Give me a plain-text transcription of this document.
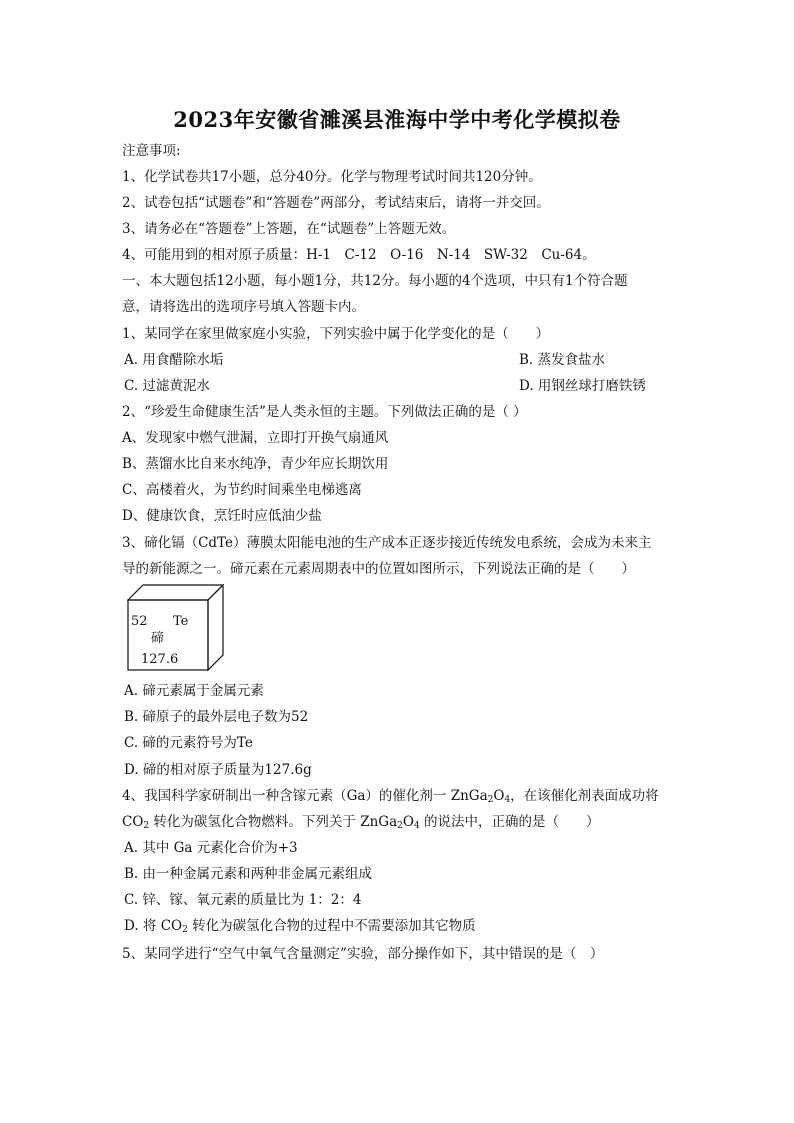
2023年安徽省濉溪县淮海中学中考化学模拟卷
注意事项:
1、化学试卷共17小题，总分40分。化学与物理考试时间共120分钟。
2、试卷包括“试题卷”和“答题卷”两部分，考试结束后，请将一并交回。
3、请务必在“答题卷”上答题，在“试题卷”上答题无效。
4、可能用到的相对原子质量：H-1　C-12　O-16　N-14　SW-32　Cu-64。
一、本大题包括12小题，每小题1分，共12分。每小题的4个选项，中只有1个符合题
意，请将选出的选项序号填入答题卡内。
1、某同学在家里做家庭小实验，下列实验中属于化学变化的是（　　）
A. 用食醋除水垢	B. 蒸发食盐水
C. 过滤黄泥水	D. 用钢丝球打磨铁锈
2、“珍爱生命健康生活”是人类永恒的主题。下列做法正确的是（ ）
A、发现家中燃气泄漏，立即打开换气扇通风
B、蒸馏水比自来水纯净，青少年应长期饮用
C、高楼着火，为节约时间乘坐电梯逃离
D、健康饮食，烹饪时应低油少盐
3、碲化镉（CdTe）薄膜太阳能电池的生产成本正逐步接近传统发电系统，会成为未来主
导的新能源之一。碲元素在元素周期表中的位置如图所示，下列说法正确的是（　　）
52 Te
碲
127.6
A. 碲元素属于金属元素
B. 碲原子的最外层电子数为52
C. 碲的元素符号为Te
D. 碲的相对原子质量为127.6g
4、我国科学家研制出一种含镓元素（Ga）的催化剂一 $ZnGa_2O_4$，在该催化剂表面成功将
$CO_2$ 转化为碳氢化合物燃料。下列关于 $ZnGa_2O_4$ 的说法中，正确的是（　　）
A. 其中 Ga 元素化合价为+3
B. 由一种金属元素和两种非金属元素组成
C. 锌、镓、氧元素的质量比为 1：2：4
D. 将 $CO_2$ 转化为碳氢化合物的过程中不需要添加其它物质
5、某同学进行“空气中氧气含量测定”实验，部分操作如下，其中错误的是（　）
